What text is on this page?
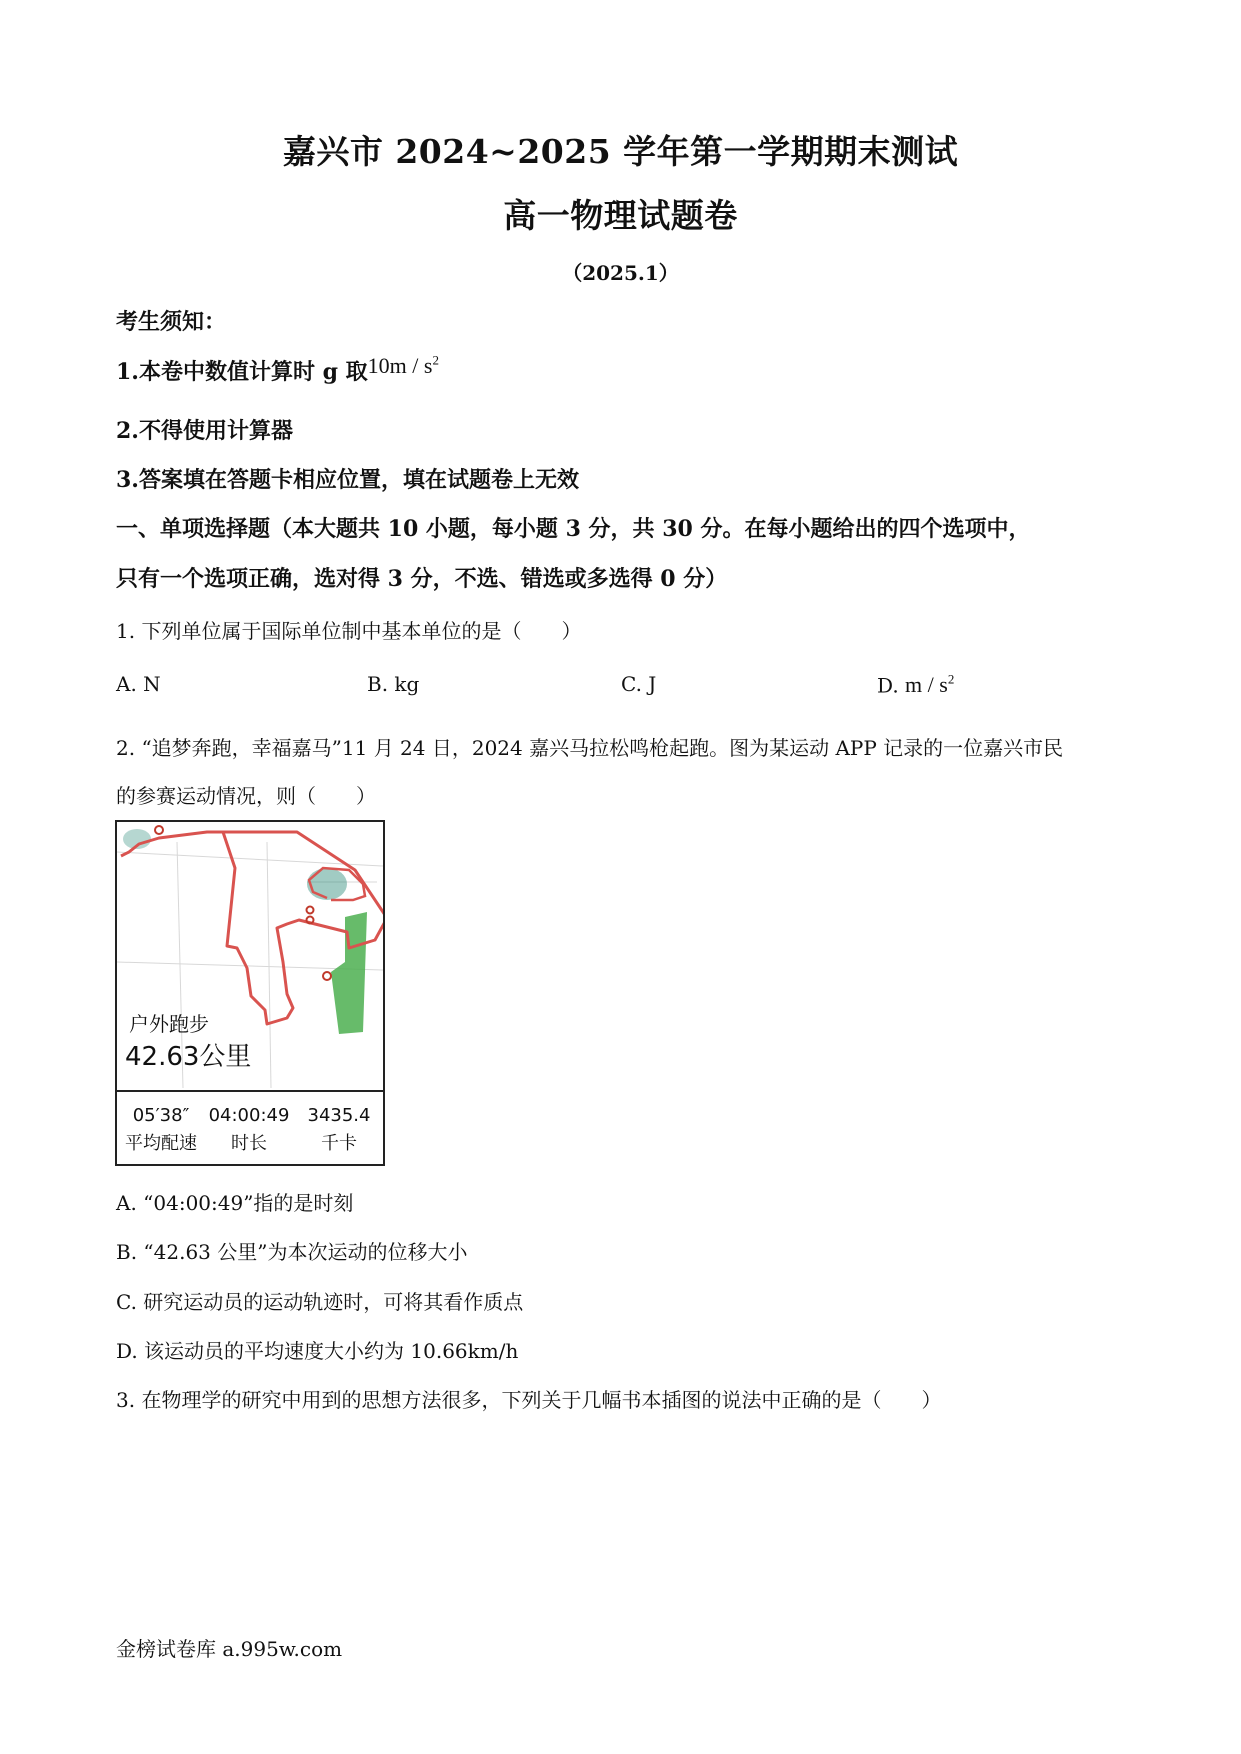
嘉兴市 2024~2025 学年第一学期期末测试
高一物理试题卷
（2025.1）
考生须知：
1.本卷中数值计算时 g 取$10m / s^2$
2.不得使用计算器
3.答案填在答题卡相应位置，填在试题卷上无效
一、单项选择题（本大题共 10 小题，每小题 3 分，共 30 分。在每小题给出的四个选项中，
只有一个选项正确，选对得 3 分，不选、错选或多选得 0 分）
1. 下列单位属于国际单位制中基本单位的是（　　）
A. N	B. kg	C. J	D. m / $s^2$
2. “追梦奔跑，幸福嘉马”11 月 24 日，2024 嘉兴马拉松鸣枪起跑。图为某运动 APP 记录的一位嘉兴市民
的参赛运动情况，则（　　）
户外跑步
42.63公里
05′38″
平均配速
04:00:49
时长
3435.4
千卡
A. “04:00:49”指的是时刻
B. “42.63 公里”为本次运动的位移大小
C. 研究运动员的运动轨迹时，可将其看作质点
D. 该运动员的平均速度大小约为 10.66km/h
3. 在物理学的研究中用到的思想方法很多，下列关于几幅书本插图的说法中正确的是（　　）
金榜试卷库 a.995w.com
